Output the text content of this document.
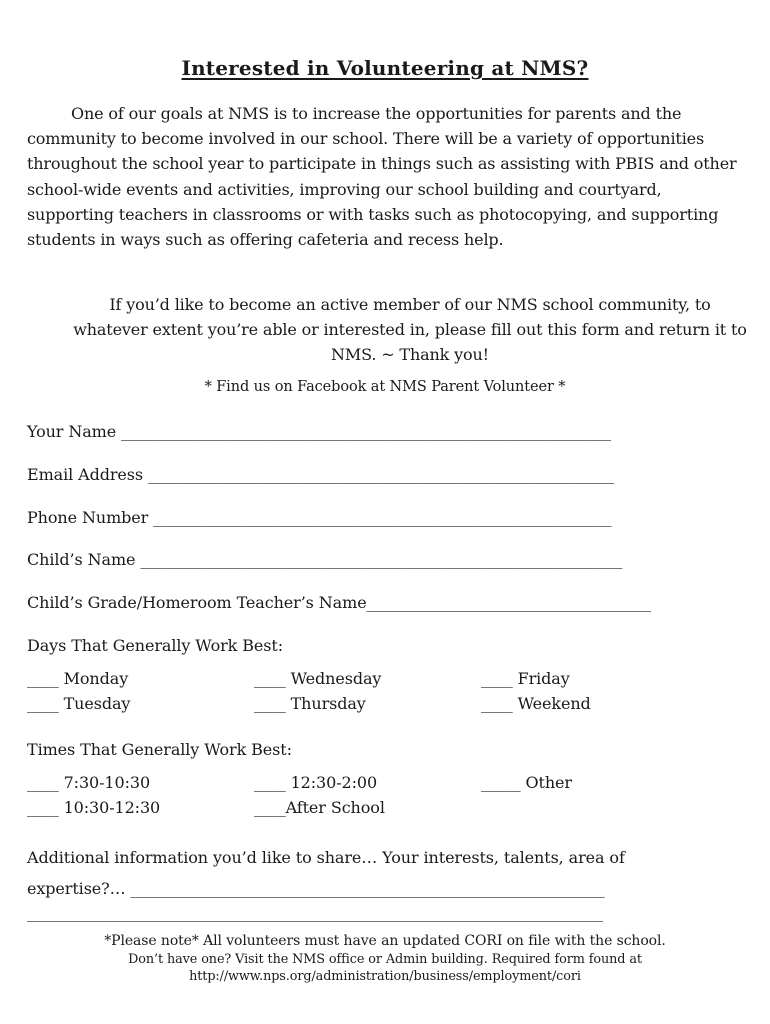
Interested in Volunteering at NMS?

One of our goals at NMS is to increase the opportunities for parents and the community to become involved in our school. There will be a variety of opportunities throughout the school year to participate in things such as assisting with PBIS and other school-wide events and activities, improving our school building and courtyard, supporting teachers in classrooms or with tasks such as photocopying, and supporting students in ways such as offering cafeteria and recess help.

If you’d like to become an active member of our NMS school community, to whatever extent you’re able or interested in, please fill out this form and return it to NMS. ~ Thank you!

* Find us on Facebook at NMS Parent Volunteer *
Your Name ______________________________________________________________
Email Address ___________________________________________________________
Phone Number __________________________________________________________
Child’s Name _____________________________________________________________
Child’s Grade/Homeroom Teacher’s Name____________________________________
Days That Generally Work Best:
____ Monday
____ Tuesday
____ Wednesday
____ Thursday
____ Friday
____ Weekend
Times That Generally Work Best:
____ 7:30-10:30
____ 10:30-12:30
____ 12:30-2:00
____After School
_____ Other
Additional information you’d like to share… Your interests, talents, area of expertise?… ____________________________________________________________
________________________________________________________________________
*Please note* All volunteers must have an updated CORI on file with the school.
Don’t have one? Visit the NMS office or Admin building. Required form found at
http://www.nps.org/administration/business/employment/cori
